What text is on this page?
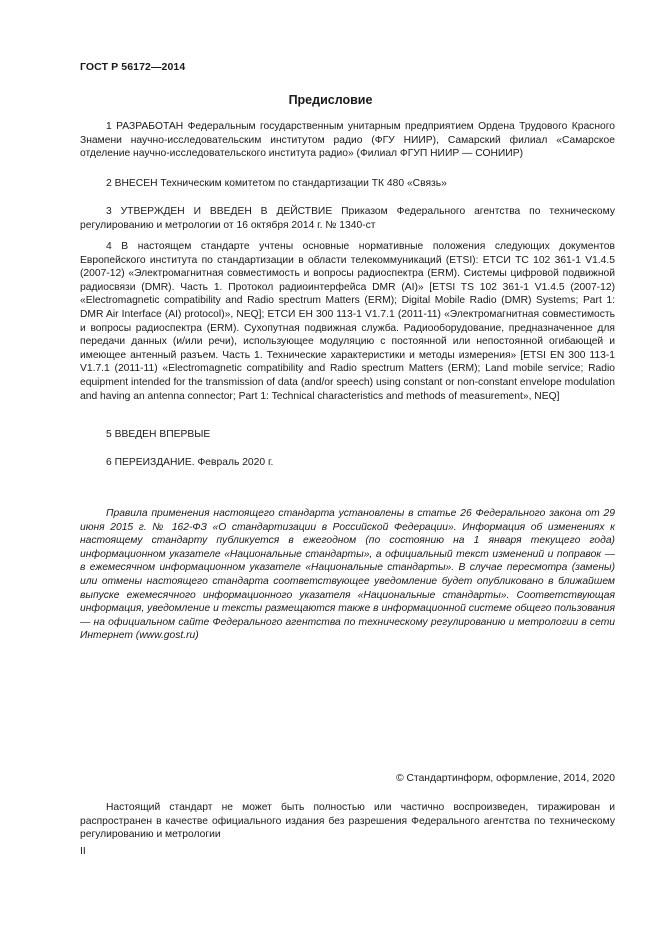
ГОСТ Р 56172—2014
Предисловие

1 РАЗРАБОТАН Федеральным государственным унитарным предприятием Ордена Трудового Красного Знамени научно-исследовательским институтом радио (ФГУ НИИР), Самарский филиал «Самарское отделение научно-исследовательского института радио» (Филиал ФГУП НИИР — СОНИИР)

2 ВНЕСЕН Техническим комитетом по стандартизации ТК 480 «Связь»

3 УТВЕРЖДЕН И ВВЕДЕН В ДЕЙСТВИЕ Приказом Федерального агентства по техническому регулированию и метрологии от 16 октября 2014 г. № 1340-ст

4 В настоящем стандарте учтены основные нормативные положения следующих документов Европейского института по стандартизации в области телекоммуникаций (ETSI): ЕТСИ ТС 102 361-1 V1.4.5 (2007-12) «Электромагнитная совместимость и вопросы радиоспектра (ERM). Системы цифровой подвижной радиосвязи (DMR). Часть 1. Протокол радиоинтерфейса DMR (AI)» [ETSI TS 102 361-1 V1.4.5 (2007-12) «Electromagnetic compatibility and Radio spectrum Matters (ERM); Digital Mobile Radio (DMR) Systems; Part 1: DMR Air Interface (AI) protocol)», NEQ]; ЕТСИ ЕН 300 113-1 V1.7.1 (2011-11) «Электромагнитная совместимость и вопросы радиоспектра (ERM). Сухопутная подвижная служба. Радиооборудование, предназначенное для передачи данных (и/или речи), использующее модуляцию с постоянной или непостоянной огибающей и имеющее антенный разъем. Часть 1. Технические характеристики и методы измерения» [ETSI EN 300 113-1 V1.7.1 (2011-11) «Electromagnetic compatibility and Radio spectrum Matters (ERM); Land mobile service; Radio equipment intended for the transmission of data (and/or speech) using constant or non-constant envelope modulation and having an antenna connector; Part 1: Technical characteristics and methods of measurement», NEQ]

5 ВВЕДЕН ВПЕРВЫЕ

6 ПЕРЕИЗДАНИЕ. Февраль 2020 г.

Правила применения настоящего стандарта установлены в статье 26 Федерального закона от 29 июня 2015 г. № 162-ФЗ «О стандартизации в Российской Федерации». Информация об изменениях к настоящему стандарту публикуется в ежегодном (по состоянию на 1 января текущего года) информационном указателе «Национальные стандарты», а официальный текст изменений и поправок — в ежемесячном информационном указателе «Национальные стандарты». В случае пересмотра (замены) или отмены настоящего стандарта соответствующее уведомление будет опубликовано в ближайшем выпуске ежемесячного информационного указателя «Национальные стандарты». Соответствующая информация, уведомление и тексты размещаются также в информационной системе общего пользования — на официальном сайте Федерального агентства по техническому регулированию и метрологии в сети Интернет (www.gost.ru)
© Стандартинформ, оформление, 2014, 2020
Настоящий стандарт не может быть полностью или частично воспроизведен, тиражирован и распространен в качестве официального издания без разрешения Федерального агентства по техническому регулированию и метрологии
II
